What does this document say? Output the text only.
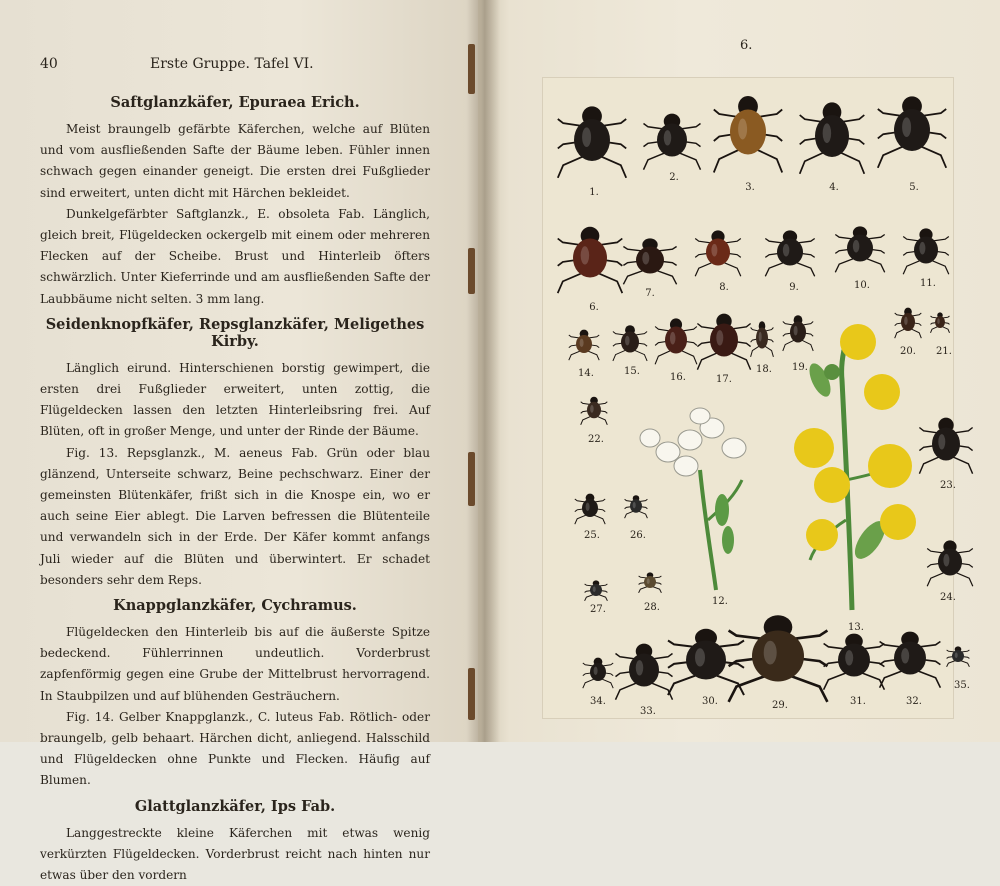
40	Erste Gruppe. Tafel VI.
Saftglanzkäfer, Epuraea Erich.

Meist braungelb gefärbte Käferchen, welche auf Blüten und vom ausfließenden Safte der Bäume leben. Fühler innen schwach gegen einander geneigt. Die ersten drei Fußglieder sind erweitert, unten dicht mit Härchen bekleidet.

Dunkelgefärbter Saftglanzk., E. obsoleta Fab. Länglich, gleich breit, Flügeldecken ockergelb mit einem oder mehreren Flecken auf der Scheibe. Brust und Hinterleib öfters schwärzlich. Unter Kieferrinde und am ausfließenden Safte der Laubbäume nicht selten. 3 mm lang.

Seidenknopfkäfer, Repsglanzkäfer, Meligethes Kirby.

Länglich eirund. Hinterschienen borstig gewimpert, die ersten drei Fußglieder erweitert, unten zottig, die Flügeldecken lassen den letzten Hinterleibsring frei. Auf Blüten, oft in großer Menge, und unter der Rinde der Bäume.

Fig. 13. Repsglanzk., M. aeneus Fab. Grün oder blau glänzend, Unterseite schwarz, Beine pechschwarz. Einer der gemeinsten Blütenkäfer, frißt sich in die Knospe ein, wo er auch seine Eier ablegt. Die Larven befressen die Blütenteile und verwandeln sich in der Erde. Der Käfer kommt anfangs Juli wieder auf die Blüten und überwintert. Er schadet besonders sehr dem Reps.

Knappglanzkäfer, Cychramus.

Flügeldecken den Hinterleib bis auf die äußerste Spitze bedeckend. Fühlerrinnen undeutlich. Vorderbrust zapfenförmig gegen eine Grube der Mittelbrust hervorragend. In Staubpilzen und auf blühenden Gesträuchern.

Fig. 14. Gelber Knappglanzk., C. luteus Fab. Rötlich- oder braungelb, gelb behaart. Härchen dicht, anliegend. Halsschild und Flügeldecken ohne Punkte und Flecken. Häufig auf Blumen.

Glattglanzkäfer, Ips Fab.

Langgestreckte kleine Käferchen mit etwas wenig verkürzten Flügeldecken. Vorderbrust reicht nach hinten nur etwas über den vordern

6.
1.
2.
3.	4.	5.
6.
7.
8.	9.	10.	11.
12.
13.
14.	15.
16.	17.
18. 19.
20. 21.
22.
23.
24.
25.	26.
27.	28.
29.
30.	31.	32.
33.
34.
35.
